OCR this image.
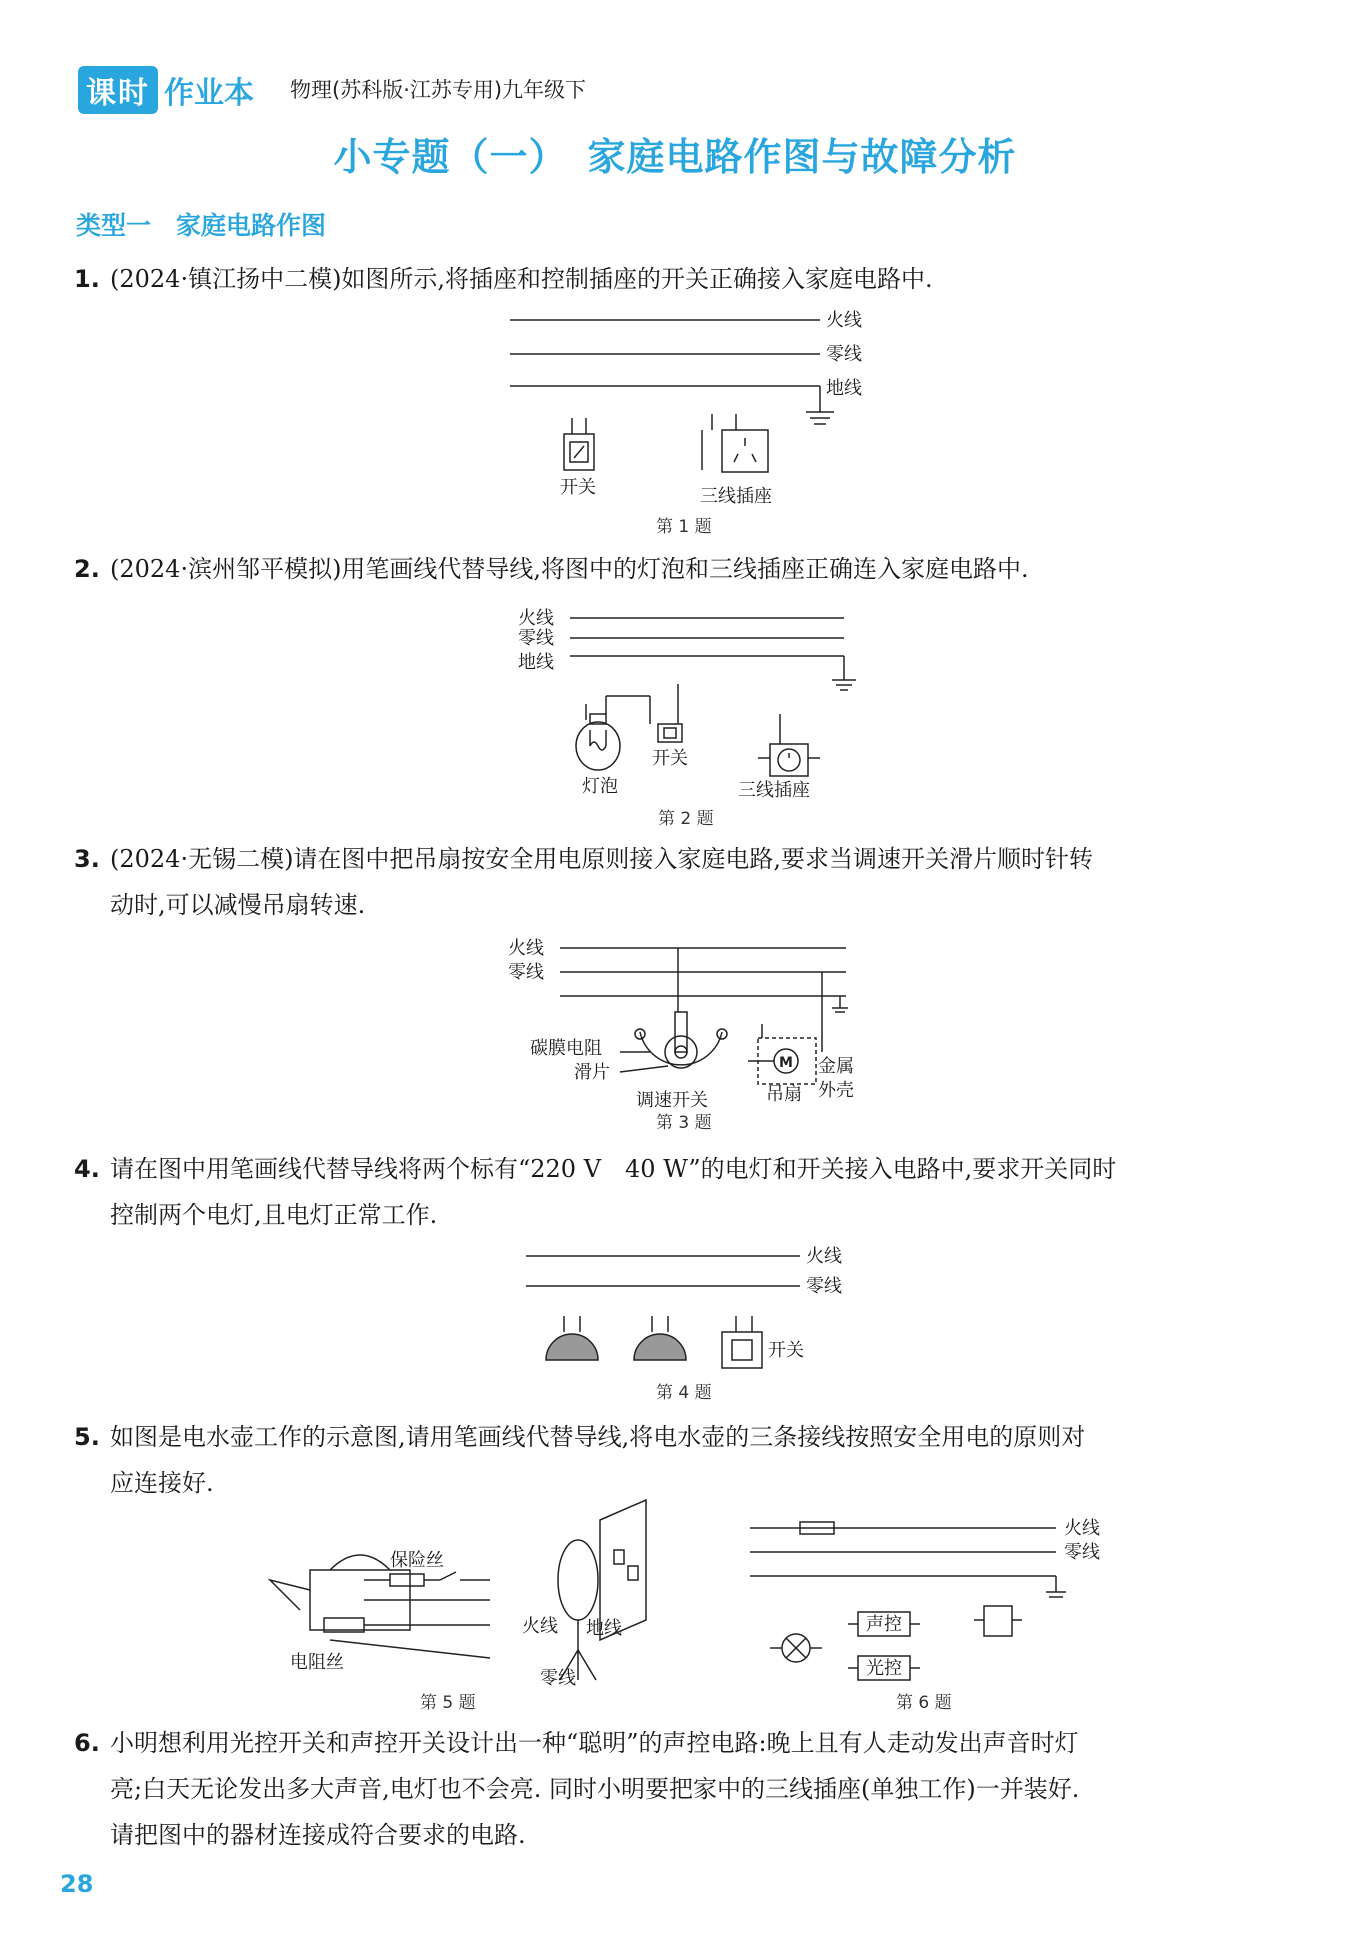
课时 作业本 物理(苏科版·江苏专用)九年级下
小专题（一）　家庭电路作图与故障分析
类型一　家庭电路作图
1. (2024·镇江扬中二模)如图所示,将插座和控制插座的开关正确接入家庭电路中.
火线
零线
地线
开关	三线插座
第 1 题
2. (2024·滨州邹平模拟)用笔画线代替导线,将图中的灯泡和三线插座正确连入家庭电路中.
火线
零线
地线
开关
灯泡	三线插座
第 2 题
3. (2024·无锡二模)请在图中把吊扇按安全用电原则接入家庭电路,要求当调速开关滑片顺时针转
动时,可以减慢吊扇转速.
M
火线
零线
碳膜电阻
滑片
调速开关	吊扇
金属
外壳
第 3 题
4. 请在图中用笔画线代替导线将两个标有“220 V　40 W”的电灯和开关接入电路中,要求开关同时
控制两个电灯,且电灯正常工作.
火线
零线
开关
第 4 题
5. 如图是电水壶工作的示意图,请用笔画线代替导线,将电水壶的三条接线按照安全用电的原则对
应连接好.
保险丝
电阻丝
火线 地线
零线
第 5 题
火线
零线
声控
光控
第 6 题
6. 小明想利用光控开关和声控开关设计出一种“聪明”的声控电路:晚上且有人走动发出声音时灯
亮;白天无论发出多大声音,电灯也不会亮. 同时小明要把家中的三线插座(单独工作)一并装好.
请把图中的器材连接成符合要求的电路.
28
